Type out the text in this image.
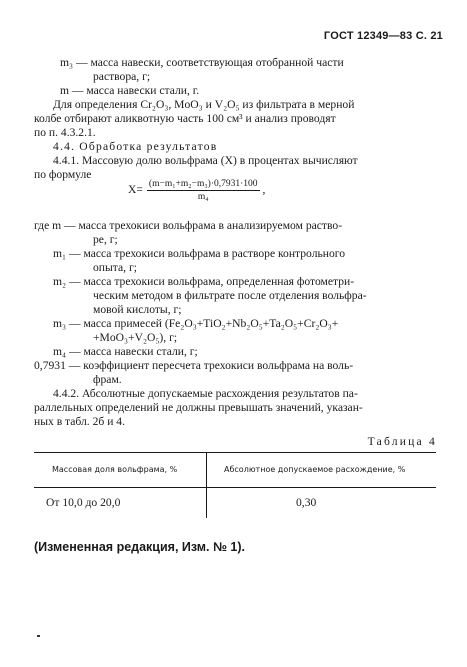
ГОСТ 12349—83 С. 21
m₃ — масса навески, соответствующая отобранной части
раствора, г;
m — масса навески стали, г.
Для определения Cr₂O₃, MoO₃ и V₂O₅ из фильтрата в мерной
колбе отбирают аликвотную часть 100 см³ и анализ проводят
по п. 4.3.2.1.
4.4. Обработка результатов
4.4.1. Массовую долю вольфрама (X) в процентах вычисляют
по формуле
$X= \frac{\text{(m−m₁+m₂−m₃)·0,7931·100}}{\text{m₄}}$ ,
где m — масса трехокиси вольфрама в анализируемом раство-
ре, г;
m₁ — масса трехокиси вольфрама в растворе контрольного
опыта, г;
m₂ — масса трехокиси вольфрама, определенная фотометри-
ческим методом в фильтрате после отделения вольфра-
мовой кислоты, г;
m₃ — масса примесей (Fe₂O₃+TiO₂+Nb₂O₅+Ta₂O₅+Cr₂O₃+
+MoO₃+V₂O₅), г;
m₄ — масса навески стали, г;
0,7931 — коэффициент пересчета трехокиси вольфрама на воль-
фрам.
4.4.2. Абсолютные допускаемые расхождения результатов па-
раллельных определений не должны превышать значений, указан-
ных в табл. 2б и 4.
Таблица 4
Массовая доля вольфрама, %	Абсолютное допускаемое расхождение, %
От 10,0 до 20,0	0,30
(Измененная редакция, Изм. № 1).
